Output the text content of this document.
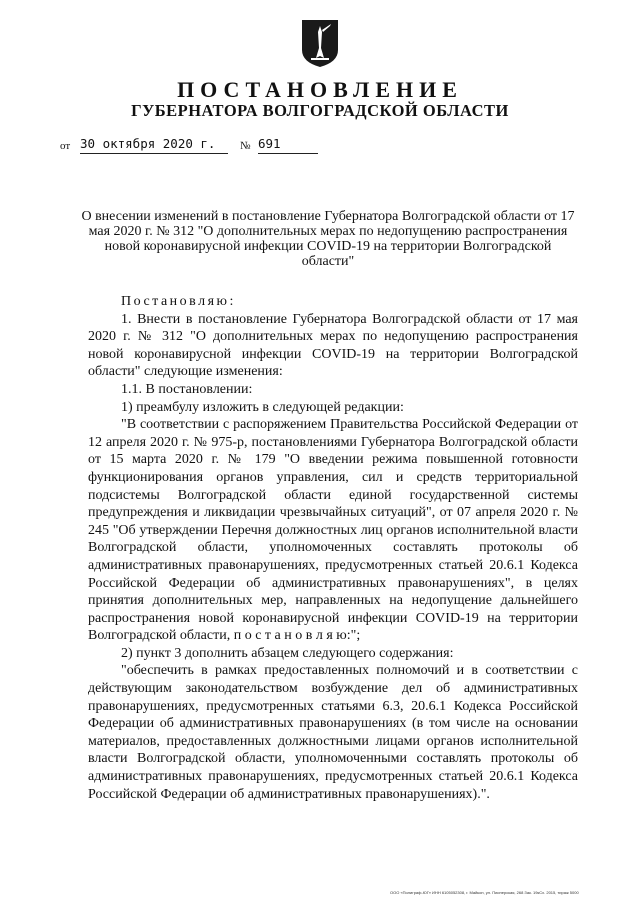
ПОСТАНОВЛЕНИЕ
ГУБЕРНАТОРА ВОЛГОГРАДСКОЙ ОБЛАСТИ
от 30 октября 2020 г.	№ 691
О внесении изменений в постановление Губернатора Волгоградской области от 17 мая 2020 г. № 312 "О дополнительных мерах по недопущению распространения новой коронавирусной инфекции COVID-19 на территории Волгоградской области"

Постановляю:

1. Внести в постановление Губернатора Волгоградской области от 17 мая 2020 г. № 312 "О дополнительных мерах по недопущению распространения новой коронавирусной инфекции COVID-19 на территории Волгоградской области" следующие изменения:

1.1. В постановлении:

1) преамбулу изложить в следующей редакции:

"В соответствии с распоряжением Правительства Российской Федерации от 12 апреля 2020 г. № 975-р, постановлениями Губернатора Волгоградской области от 15 марта 2020 г. № 179 "О введении режима повышенной готовности функционирования органов управления, сил и средств территориальной подсистемы Волгоградской области единой государственной системы предупреждения и ликвидации чрезвычайных ситуаций", от 07 апреля 2020 г. № 245 "Об утверждении Перечня должностных лиц органов исполнительной власти Волгоградской области, уполномоченных составлять протоколы об административных правонарушениях, предусмотренных статьей 20.6.1 Кодекса Российской Федерации об административных правонарушениях", в целях принятия дополнительных мер, направленных на недопущение дальнейшего распространения новой коронавирусной инфекции COVID-19 на территории Волгоградской области, п о с т а н о в л я ю:";

2) пункт 3 дополнить абзацем следующего содержания:

"обеспечить в рамках предоставленных полномочий и в соответствии с действующим законодательством возбуждение дел об административных правонарушениях, предусмотренных статьями 6.3, 20.6.1 Кодекса Российской Федерации об административных правонарушениях (в том числе на основании материалов, предоставленных должностными лицами органов исполнительной власти Волгоградской области, уполномоченными составлять протоколы об административных правонарушениях, предусмотренных статьей 20.6.1 Кодекса Российской Федерации об административных правонарушениях).".

ООО «Полиграф-ЮГ» ИНН 6105052308, г. Майкоп, ул. Пионерская, 268 Зак. 19кСх. 2015, тираж 5000
